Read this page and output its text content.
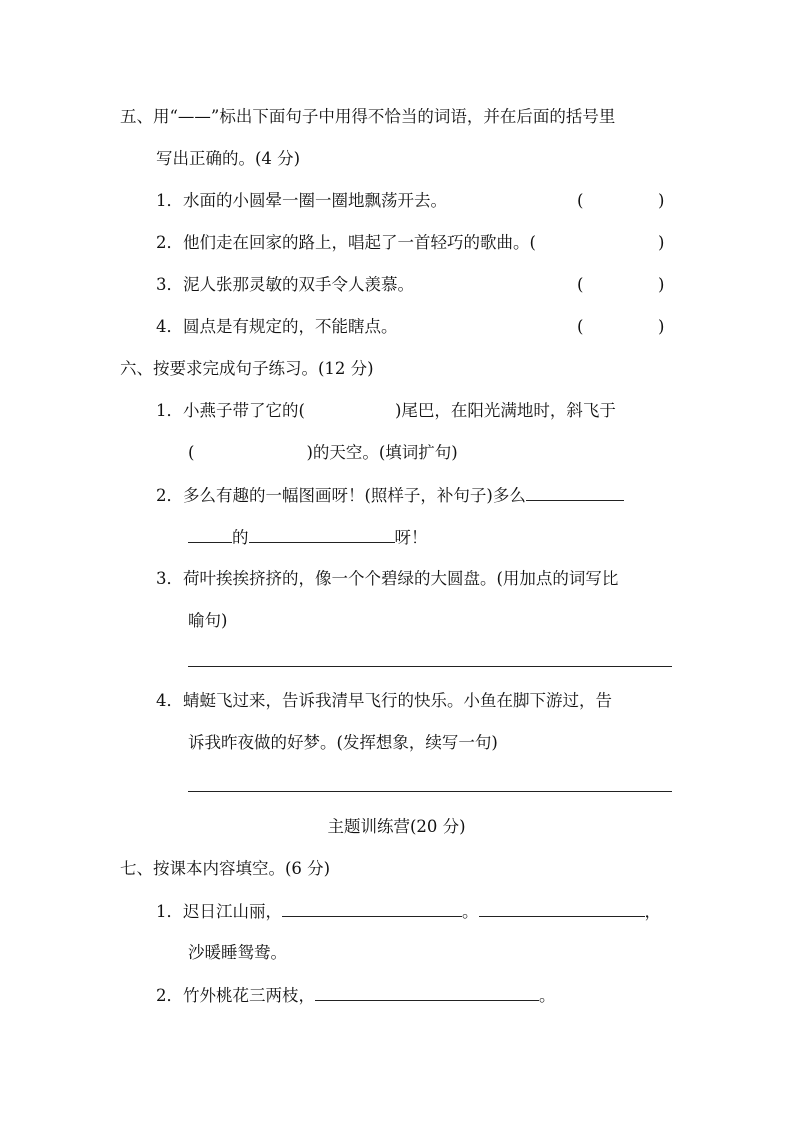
五、用“——”标出下面句子中用得不恰当的词语，并在后面的括号里
写出正确的。(4 分)
1．水面的小圆晕一圈一圈地飘荡开去。	(	)
2．他们走在回家的路上，唱起了一首轻巧的歌曲。(	)
3．泥人张那灵敏的双手令人羡慕。	(	)
4．圆点是有规定的，不能瞎点。	(	)
六、按要求完成句子练习。(12 分)
1．小燕子带了它的(	)尾巴，在阳光满地时，斜飞于
(	)的天空。(填词扩句)
2．多么有趣的一幅图画呀！(照样子，补句子)多么
的	呀！
3．荷叶挨挨挤挤的，像一个个碧绿的大圆盘。(用加点的词写比
喻句)
4．蜻蜓飞过来，告诉我清早飞行的快乐。小鱼在脚下游过，告
诉我昨夜做的好梦。(发挥想象，续写一句)
主题训练营(20 分)
七、按课本内容填空。(6 分)
1．迟日江山丽，	。	，
沙暖睡鸳鸯。
2．竹外桃花三两枝，	。
